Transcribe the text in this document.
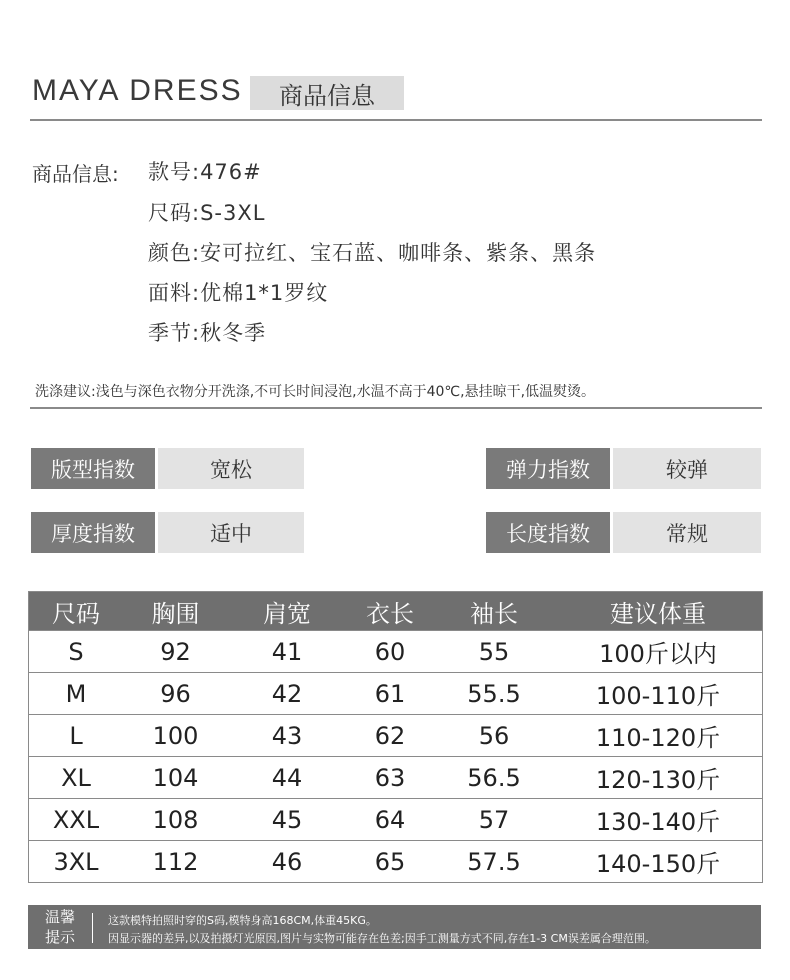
MAYA DRESS	商品信息
商品信息: 款号:476#
尺码:S-3XL
颜色:安可拉红、宝石蓝、咖啡条、紫条、黑条
面料:优棉1*1罗纹
季节:秋冬季
洗涤建议:浅色与深色衣物分开洗涤,不可长时间浸泡,水温不高于40℃,悬挂晾干,低温熨烫。
版型指数	宽松	弹力指数	较弹
厚度指数	适中	长度指数	常规
尺码	胸围	肩宽	衣长	袖长	建议体重
S	92	41	60	55	100斤以内
M	96	42	61	55.5	100-110斤
L	100	43	62	56	110-120斤
XL	104	44	63	56.5	120-130斤
XXL	108	45	64	57	130-140斤
3XL	112	46	65	57.5	140-150斤
温馨
提示
这款模特拍照时穿的S码,模特身高168CM,体重45KG。
因显示器的差异,以及拍摄灯光原因,图片与实物可能存在色差;因手工测量方式不同,存在1-3 CM误差属合理范围。
